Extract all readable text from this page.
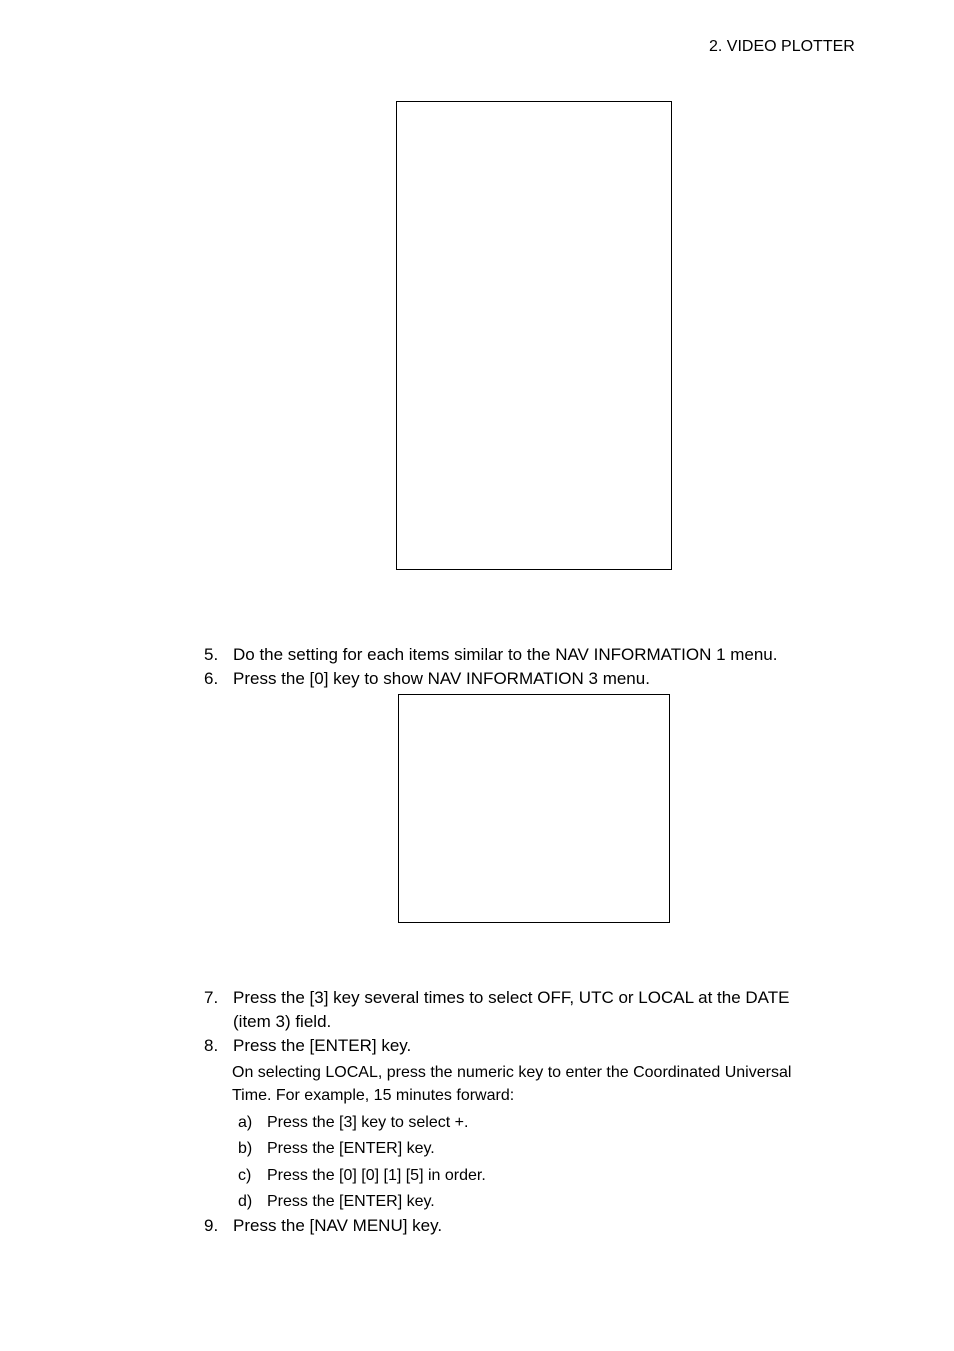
2. VIDEO PLOTTER
5. Do the setting for each items similar to the NAV INFORMATION 1 menu.
6. Press the [0] key to show NAV INFORMATION 3 menu.
7. Press the [3] key several times to select OFF, UTC or LOCAL at the DATE
(item 3) field.
8. Press the [ENTER] key.
On selecting LOCAL, press the numeric key to enter the Coordinated Universal
Time. For example, 15 minutes forward:
a) Press the [3] key to select +.
b) Press the [ENTER] key.
c) Press the [0] [0] [1] [5] in order.
d) Press the [ENTER] key.
9. Press the [NAV MENU] key.
